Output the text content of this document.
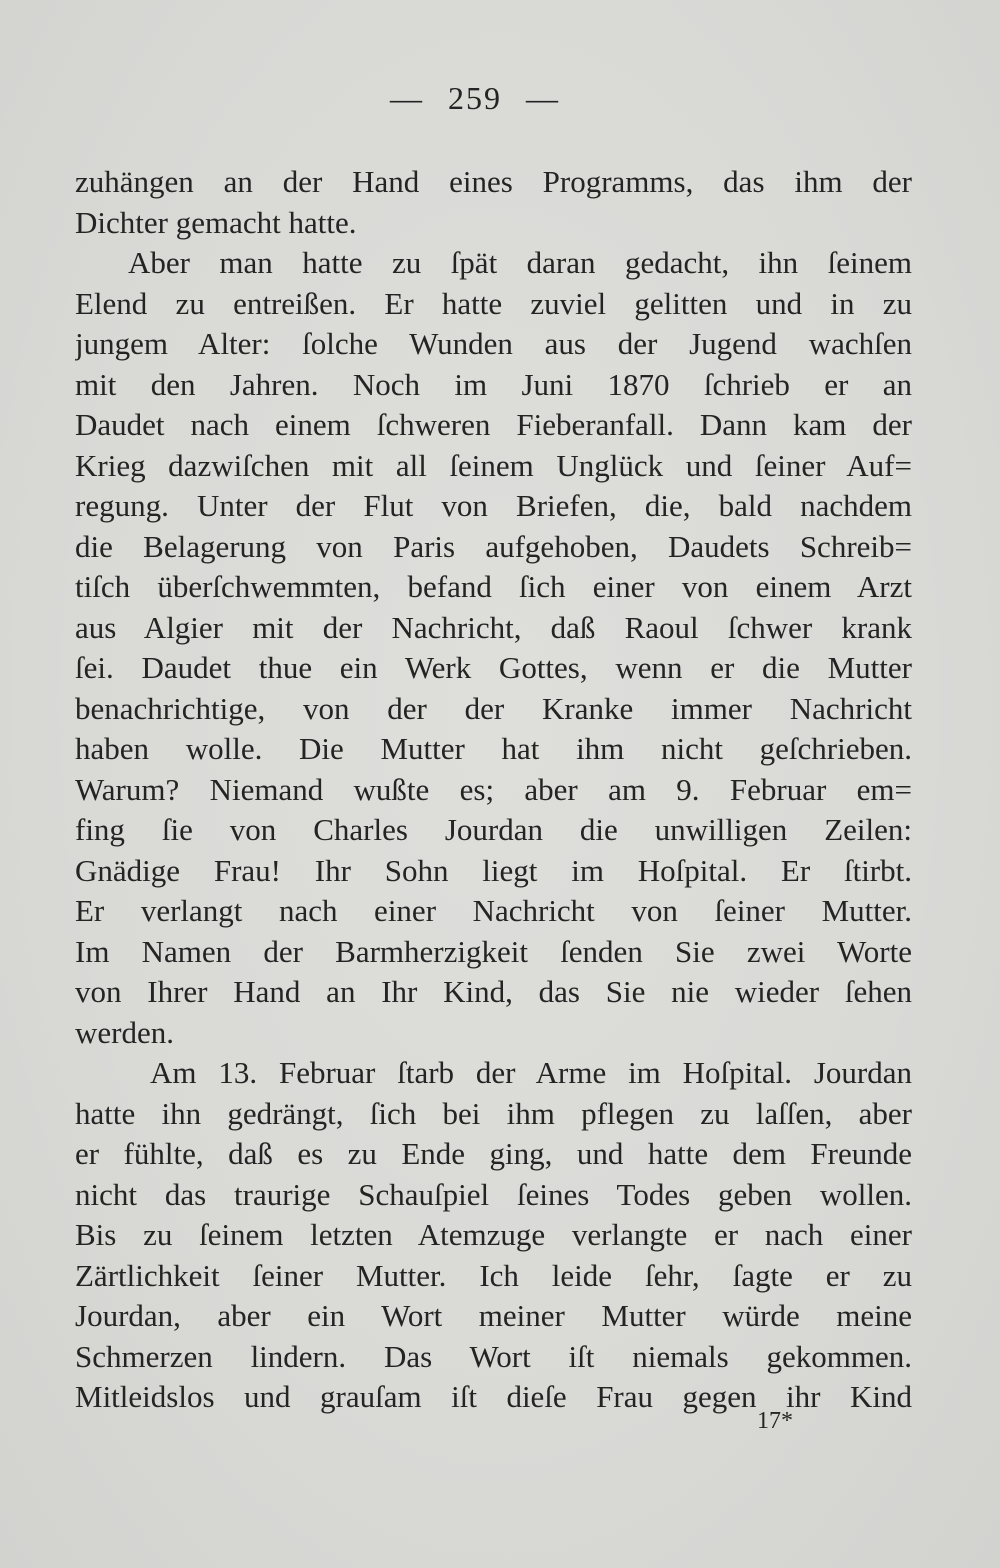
— 259 —
zuhängen an der Hand eines Programms, das ihm der
Dichter gemacht hatte.
Aber man hatte zu ſpät daran gedacht, ihn ſeinem
Elend zu entreißen. Er hatte zuviel gelitten und in zu
jungem Alter: ſolche Wunden aus der Jugend wachſen
mit den Jahren. Noch im Juni 1870 ſchrieb er an
Daudet nach einem ſchweren Fieberanfall. Dann kam der
Krieg dazwiſchen mit all ſeinem Unglück und ſeiner Auf=
regung. Unter der Flut von Briefen, die, bald nachdem
die Belagerung von Paris aufgehoben, Daudets Schreib=
tiſch überſchwemmten, befand ſich einer von einem Arzt
aus Algier mit der Nachricht, daß Raoul ſchwer krank
ſei. Daudet thue ein Werk Gottes, wenn er die Mutter
benachrichtige, von der der Kranke immer Nachricht
haben wolle. Die Mutter hat ihm nicht geſchrieben.
Warum? Niemand wußte es; aber am 9. Februar em=
fing ſie von Charles Jourdan die unwilligen Zeilen:
Gnädige Frau! Ihr Sohn liegt im Hoſpital. Er ſtirbt.
Er verlangt nach einer Nachricht von ſeiner Mutter.
Im Namen der Barmherzigkeit ſenden Sie zwei Worte
von Ihrer Hand an Ihr Kind, das Sie nie wieder ſehen
werden.
Am 13. Februar ſtarb der Arme im Hoſpital. Jourdan
hatte ihn gedrängt, ſich bei ihm pflegen zu laſſen, aber
er fühlte, daß es zu Ende ging, und hatte dem Freunde
nicht das traurige Schauſpiel ſeines Todes geben wollen.
Bis zu ſeinem letzten Atemzuge verlangte er nach einer
Zärtlichkeit ſeiner Mutter. Ich leide ſehr, ſagte er zu
Jourdan, aber ein Wort meiner Mutter würde meine
Schmerzen lindern. Das Wort iſt niemals gekommen.
Mitleidslos und grauſam iſt dieſe Frau gegen ihr Kind
17*
